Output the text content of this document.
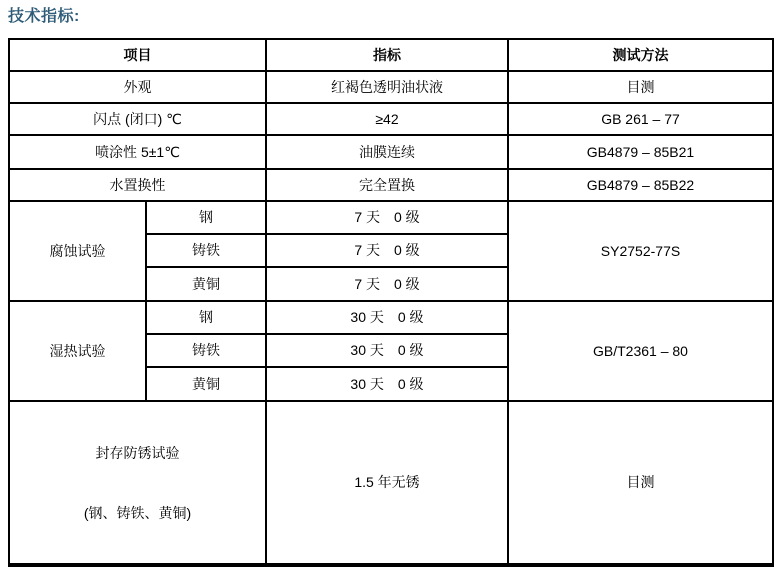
技术指标:
项目		指标	测试方法
外观		红褐色透明油状液	目测
闪点 (闭口) ℃		≥42	GB 261 – 77
喷涂性 5±1℃		油膜连续	GB4879 – 85B21
水置换性		完全置换	GB4879 – 85B22
腐蚀试验	钢	7 天　0 级	SY2752-77S
	铸铁	7 天　0 级	
	黄铜	7 天　0 级	
湿热试验	钢	30 天　0 级	GB/T2361 – 80
	铸铁	30 天　0 级	
	黄铜	30 天　0 级	

封存防锈试验

(钢、铸铁、黄铜)		1.5 年无锈	目测
